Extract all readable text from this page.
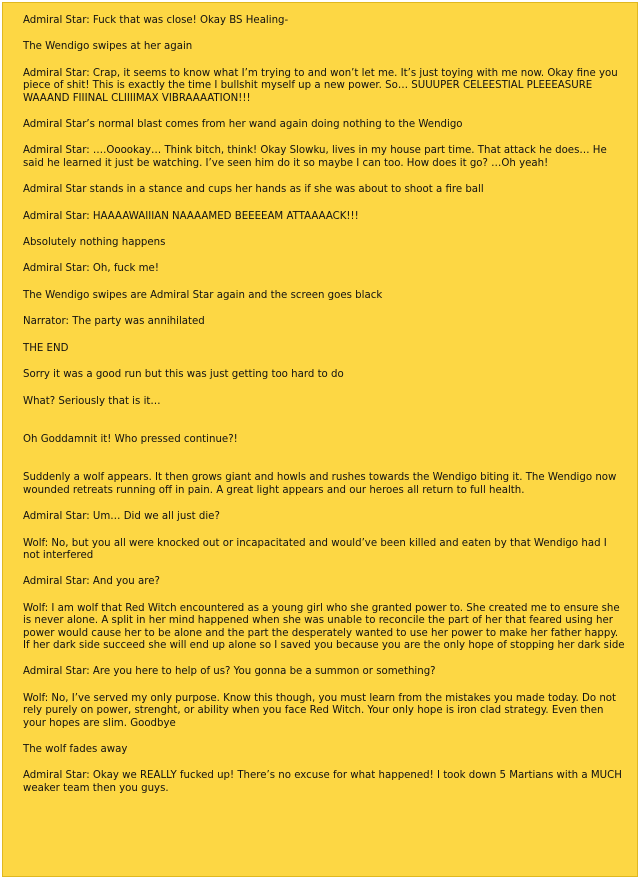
Admiral Star: Fuck that was close! Okay BS Healing-

The Wendigo swipes at her again

Admiral Star: Crap, it seems to know what I’m trying to and won’t let me. It’s just toying with me now. Okay fine you piece of shit! This is exactly the time I bullshit myself up a new power. So… SUUUPER CELEESTIAL PLEEEASURE WAAAND FIIINAL CLIIIIMAX VIBRAAAATION!!!

Admiral Star’s normal blast comes from her wand again doing nothing to the Wendigo

Admiral Star: ….Ooookay… Think bitch, think! Okay Slowku, lives in my house part time. That attack he does… He said he learned it just be watching. I’ve seen him do it so maybe I can too. How does it go? …Oh yeah!

Admiral Star stands in a stance and cups her hands as if she was about to shoot a fire ball

Admiral Star: HAAAAWAIIIAN NAAAAMED BEEEEAM ATTAAAACK!!!

Absolutely nothing happens

Admiral Star: Oh, fuck me!

The Wendigo swipes are Admiral Star again and the screen goes black

Narrator: The party was annihilated

THE END

Sorry it was a good run but this was just getting too hard to do

What? Seriously that is it…

Oh Goddamnit it! Who pressed continue?!

Suddenly a wolf appears. It then grows giant and howls and rushes towards the Wendigo biting it. The Wendigo now wounded retreats running off in pain. A great light appears and our heroes all return to full health.

Admiral Star: Um… Did we all just die?

Wolf: No, but you all were knocked out or incapacitated and would’ve been killed and eaten by that Wendigo had I not interfered

Admiral Star: And you are?

Wolf: I am wolf that Red Witch encountered as a young girl who she granted power to. She created me to ensure she is never alone. A split in her mind happened when she was unable to reconcile the part of her that feared using her power would cause her to be alone and the part the desperately wanted to use her power to make her father happy. If her dark side succeed she will end up alone so I saved you because you are the only hope of stopping her dark side

Admiral Star: Are you here to help of us? You gonna be a summon or something?

Wolf: No, I’ve served my only purpose. Know this though, you must learn from the mistakes you made today. Do not rely purely on power, strenght, or ability when you face Red Witch. Your only hope is iron clad strategy. Even then your hopes are slim. Goodbye

The wolf fades away

Admiral Star: Okay we REALLY fucked up! There’s no excuse for what happened! I took down 5 Martians with a MUCH weaker team then you guys.
